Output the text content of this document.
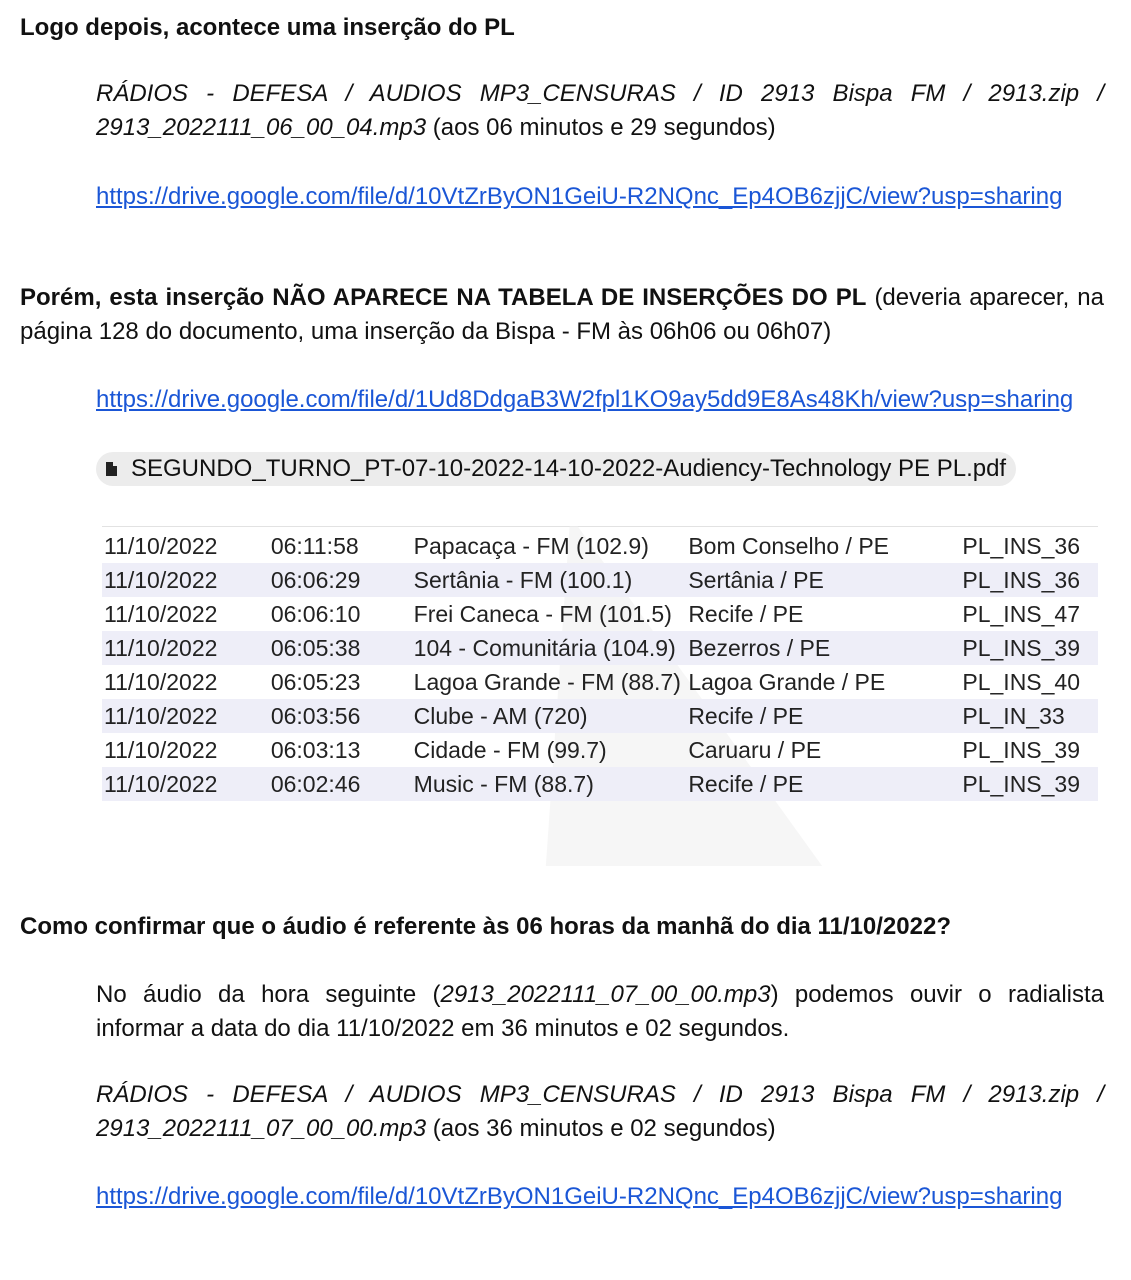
Logo depois, acontece uma inserção do PL
RÁDIOS - DEFESA / AUDIOS MP3_CENSURAS / ID 2913 Bispa FM / 2913.zip / 2913_2022111_06_00_04.mp3 (aos 06 minutos e 29 segundos)
https://drive.google.com/file/d/10VtZrByON1GeiU-R2NQnc_Ep4OB6zjjC/view?usp=sharing
Porém, esta inserção NÃO APARECE NA TABELA DE INSERÇÕES DO PL (deveria aparecer, na página 128 do documento, uma inserção da Bispa - FM às 06h06 ou 06h07)
https://drive.google.com/file/d/1Ud8DdgaB3W2fpl1KO9ay5dd9E8As48Kh/view?usp=sharing
SEGUNDO_TURNO_PT-07-10-2022-14-10-2022-Audiency-Technology PE PL.pdf
11/10/2022	06:11:58	Papacaça - FM (102.9)	Bom Conselho / PE	PL_INS_36
11/10/2022	06:06:29	Sertânia - FM (100.1)	Sertânia / PE	PL_INS_36
11/10/2022	06:06:10	Frei Caneca - FM (101.5)	Recife / PE	PL_INS_47
11/10/2022	06:05:38	104 - Comunitária (104.9)	Bezerros / PE	PL_INS_39
11/10/2022	06:05:23	Lagoa Grande - FM (88.7)	Lagoa Grande / PE	PL_INS_40
11/10/2022	06:03:56	Clube - AM (720)	Recife / PE	PL_IN_33
11/10/2022	06:03:13	Cidade - FM (99.7)	Caruaru / PE	PL_INS_39
11/10/2022	06:02:46	Music - FM (88.7)	Recife / PE	PL_INS_39
Como confirmar que o áudio é referente às 06 horas da manhã do dia 11/10/2022?
No áudio da hora seguinte (2913_2022111_07_00_00.mp3) podemos ouvir o radialista informar a data do dia 11/10/2022 em 36 minutos e 02 segundos.
RÁDIOS - DEFESA / AUDIOS MP3_CENSURAS / ID 2913 Bispa FM / 2913.zip / 2913_2022111_07_00_00.mp3 (aos 36 minutos e 02 segundos)
https://drive.google.com/file/d/10VtZrByON1GeiU-R2NQnc_Ep4OB6zjjC/view?usp=sharing
